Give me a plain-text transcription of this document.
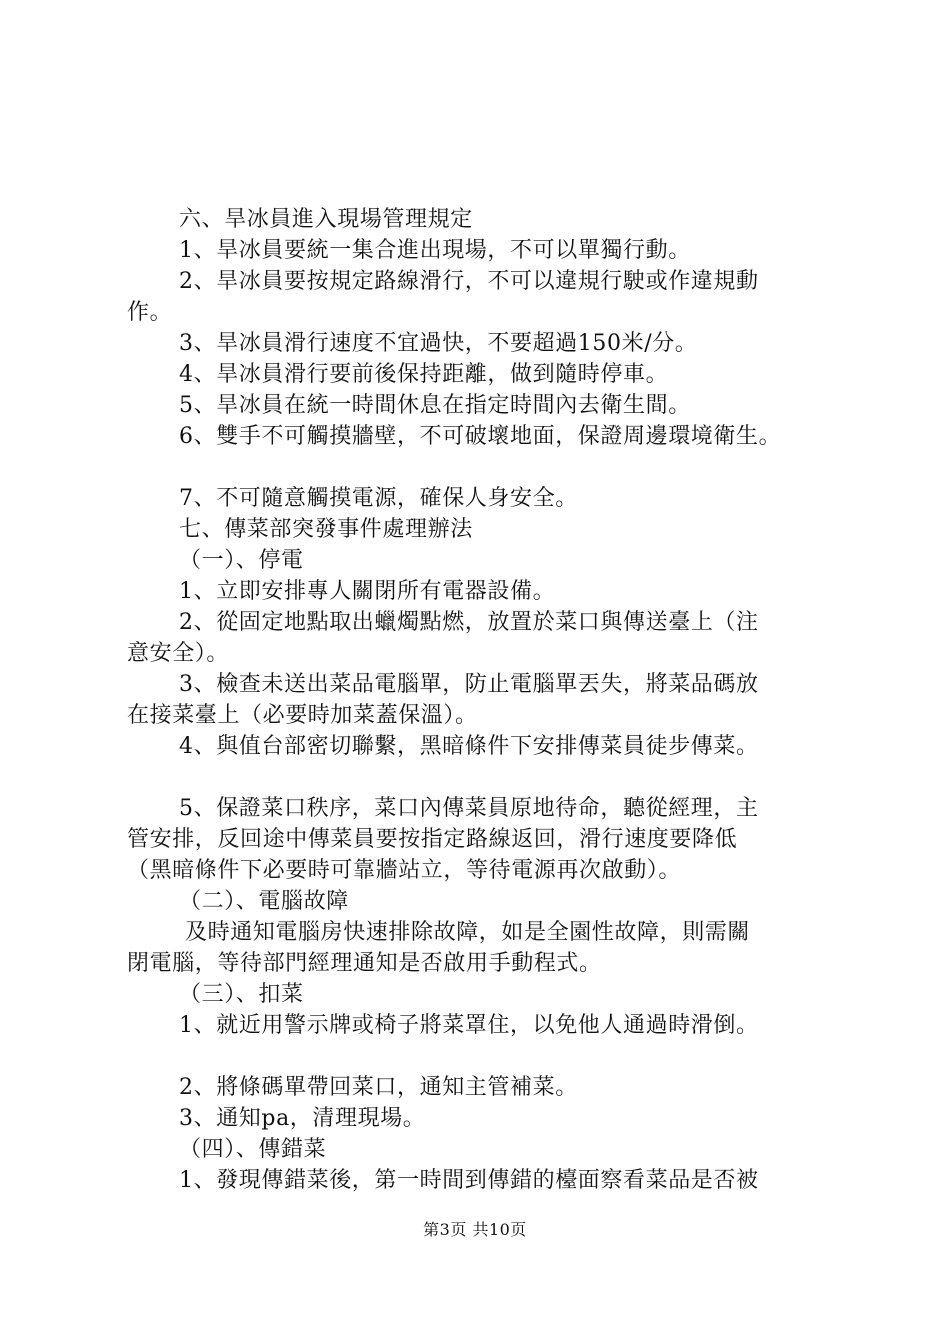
六、旱冰員進入現場管理規定
1、旱冰員要統一集合進出現場，不可以單獨行動。
2、旱冰員要按規定路線滑行，不可以違規行駛或作違規動
作。
3、旱冰員滑行速度不宜過快，不要超過150米/分。
4、旱冰員滑行要前後保持距離，做到隨時停車。
5、旱冰員在統一時間休息在指定時間內去衛生間。
6、雙手不可觸摸牆壁，不可破壞地面，保證周邊環境衛生。
7、不可隨意觸摸電源，確保人身安全。
七、傳菜部突發事件處理辦法
（一）、停電
1、立即安排專人關閉所有電器設備。
2、從固定地點取出蠟燭點燃，放置於菜口與傳送臺上（注
意安全）。
3、檢查未送出菜品電腦單，防止電腦單丟失，將菜品碼放
在接菜臺上（必要時加菜蓋保溫）。
4、與值台部密切聯繫，黑暗條件下安排傳菜員徒步傳菜。
5、保證菜口秩序，菜口內傳菜員原地待命，聽從經理，主
管安排，反回途中傳菜員要按指定路線返回，滑行速度要降低
（黑暗條件下必要時可靠牆站立，等待電源再次啟動）。
（二）、電腦故障
及時通知電腦房快速排除故障，如是全園性故障，則需關
閉電腦，等待部門經理通知是否啟用手動程式。
（三）、扣菜
1、就近用警示牌或椅子將菜罩住，以免他人通過時滑倒。
2、將條碼單帶回菜口，通知主管補菜。
3、通知pa，清理現場。
（四）、傳錯菜
1、發現傳錯菜後，第一時間到傳錯的檯面察看菜品是否被
第3页 共10页
